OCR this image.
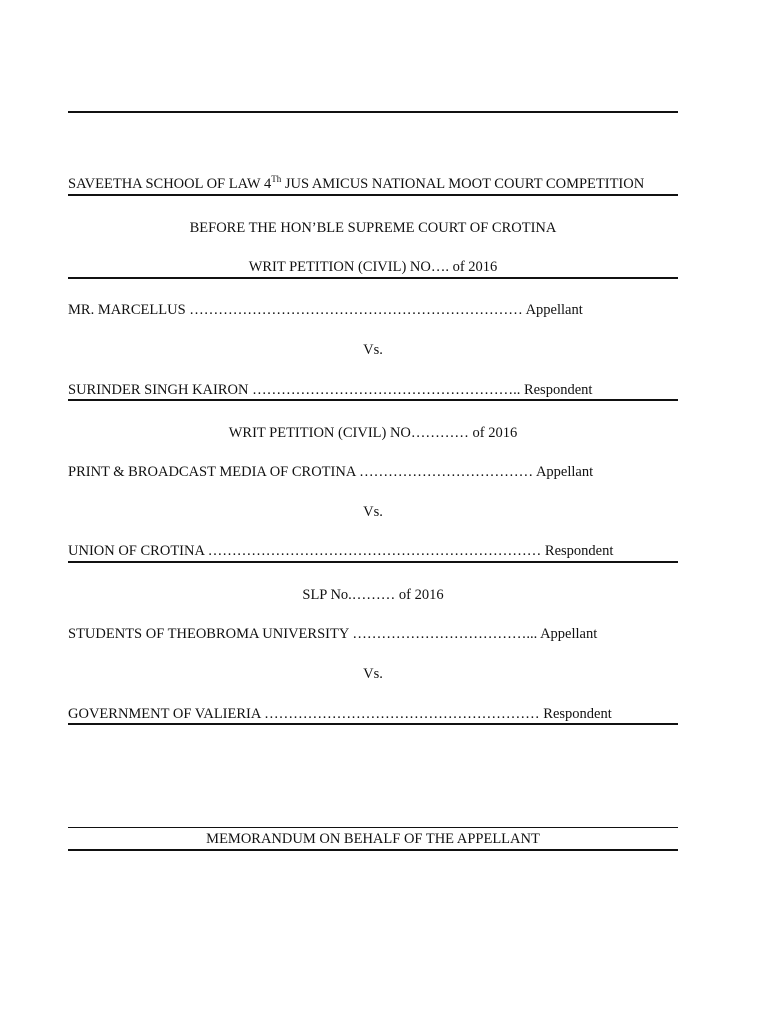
SAVEETHA SCHOOL OF LAW 4Th JUS AMICUS NATIONAL MOOT COURT COMPETITION
BEFORE THE HON’BLE SUPREME COURT OF CROTINA
WRIT PETITION (CIVIL) NO…. of 2016
MR. MARCELLUS …………………………………………………………… Appellant
Vs.
SURINDER SINGH KAIRON ……………………………………………….. Respondent
WRIT PETITION (CIVIL) NO………… of 2016
PRINT & BROADCAST MEDIA OF CROTINA ……………………………… Appellant
Vs.
UNION OF CROTINA …………………………………………………………… Respondent
SLP No.……… of 2016
STUDENTS OF THEOBROMA UNIVERSITY ………………………………... Appellant
Vs.
GOVERNMENT OF VALIERIA ………………………………………………… Respondent
MEMORANDUM ON BEHALF OF THE APPELLANT
